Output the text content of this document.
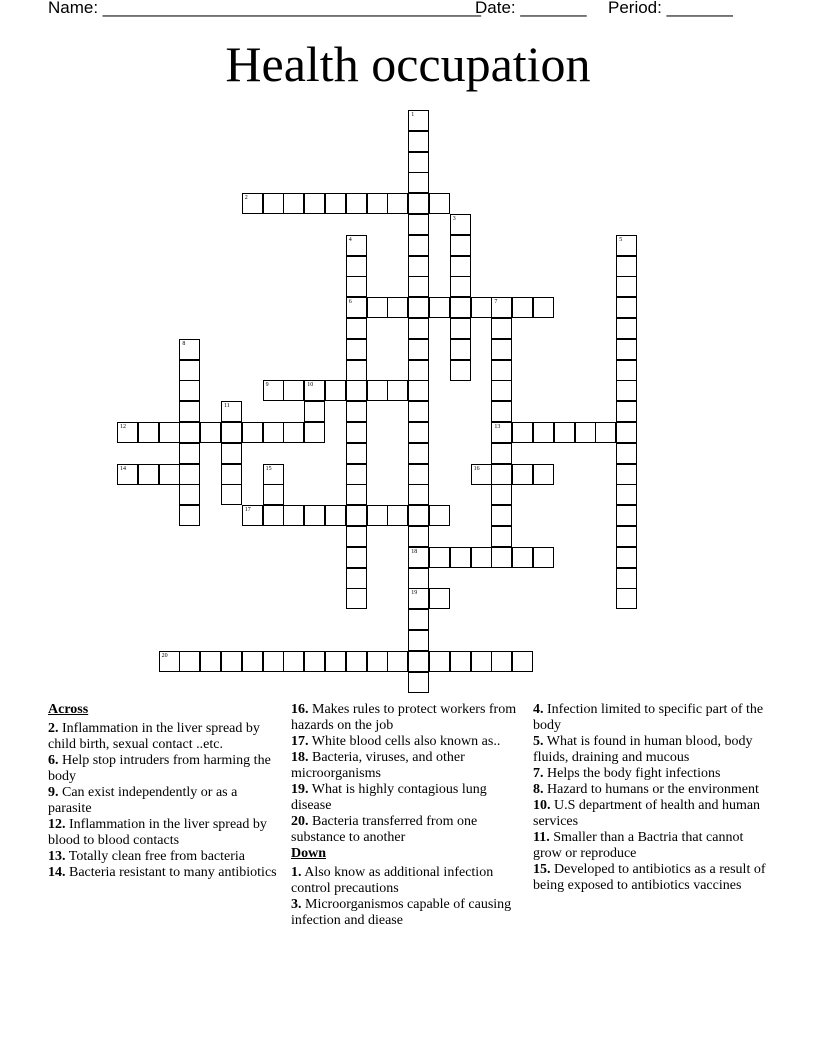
Name: ________________________________________
Date: _______ Period: _______
Health occupation
1
18
19
2
3
4
6
5
7
13
8
9	10
11
12
14	15	16
17
20
Across
2. Inflammation in the liver spread by child birth, sexual contact ..etc.
6. Help stop intruders from harming the body
9. Can exist independently or as a parasite
12. Inflammation in the liver spread by blood to blood contacts
13. Totally clean free from bacteria
14. Bacteria resistant to many antibiotics
16. Makes rules to protect workers from hazards on the job
17. White blood cells also known as..
18. Bacteria, viruses, and other microorganisms
19. What is highly contagious lung disease
20. Bacteria transferred from one substance to another
Down
1. Also know as additional infection control precautions
3. Microorganismos capable of causing infection and diease
4. Infection limited to specific part of the body
5. What is found in human blood, body fluids, draining and mucous
7. Helps the body fight infections
8. Hazard to humans or the environment
10. U.S department of health and human services
11. Smaller than a Bactria that cannot grow or reproduce
15. Developed to antibiotics as a result of being exposed to antibiotics vaccines
